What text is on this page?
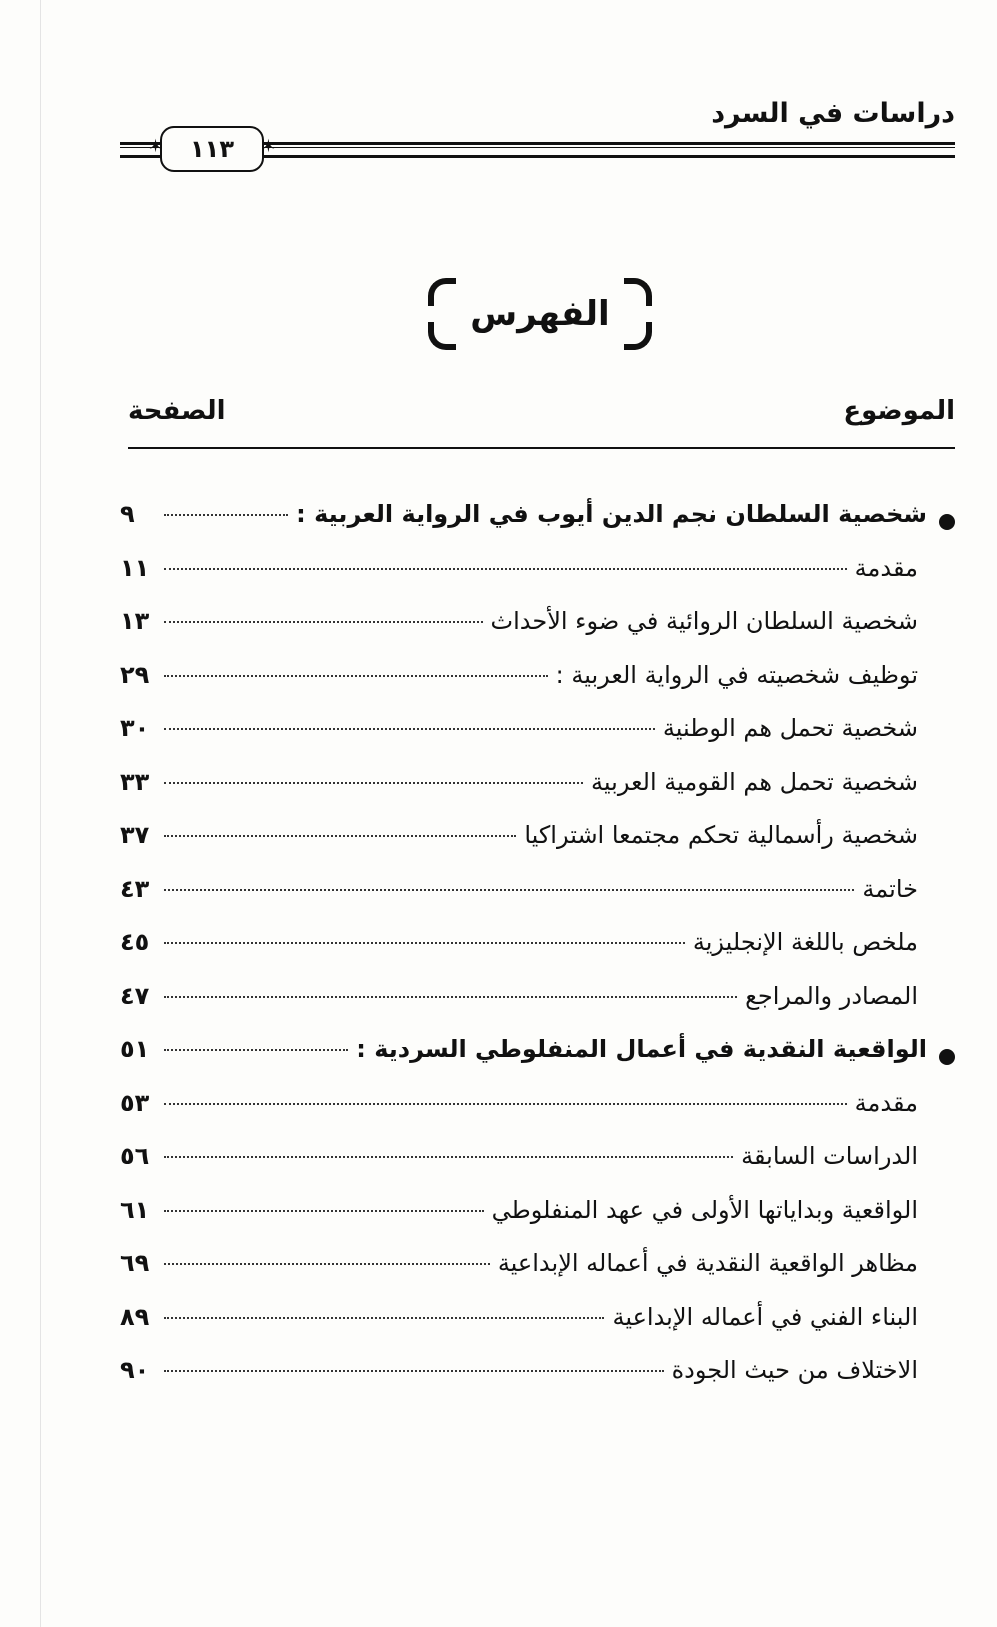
دراسات في السرد
✶ ١١٣
✶
الفهرس
الموضوع
الصفحة
شخصية السلطان نجم الدين أيوب في الرواية العربية :
٩
مقدمة
١١
شخصية السلطان الروائية في ضوء الأحداث
١٣
توظيف شخصيته في الرواية العربية :
٢٩
شخصية تحمل هم الوطنية
٣٠
شخصية تحمل هم القومية العربية
٣٣
شخصية رأسمالية تحكم مجتمعا اشتراكيا
٣٧
خاتمة
٤٣
ملخص باللغة الإنجليزية
٤٥
المصادر والمراجع
٤٧
الواقعية النقدية في أعمال المنفلوطي السردية :
٥١
مقدمة
٥٣
الدراسات السابقة
٥٦
الواقعية وبداياتها الأولى في عهد المنفلوطي
٦١
مظاهر الواقعية النقدية في أعماله الإبداعية
٦٩
البناء الفني في أعماله الإبداعية
٨٩
الاختلاف من حيث الجودة
٩٠
